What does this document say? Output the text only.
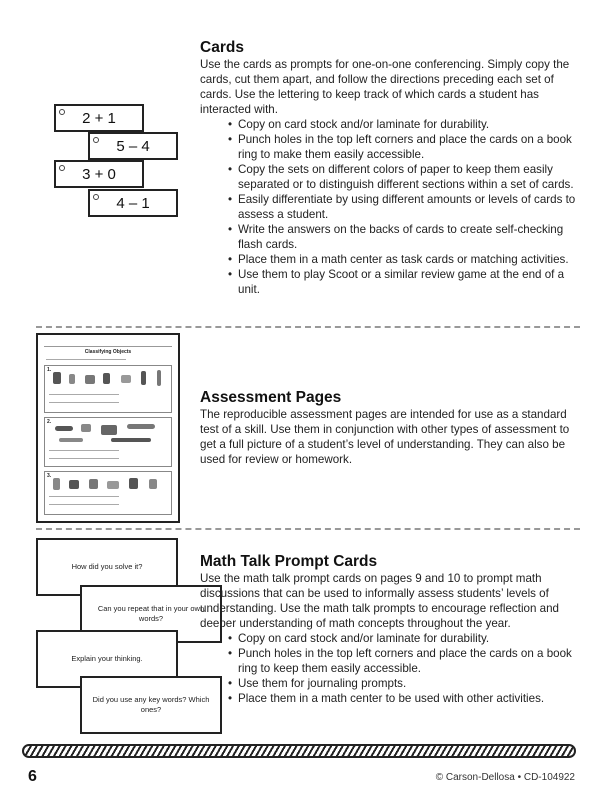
2 + 1
5 – 4
3 + 0
4 – 1
Cards

Use the cards as prompts for one-on-one conferencing. Simply copy the cards, cut them apart, and follow the directions preceding each set of cards. Use the lettering to keep track of which cards a student has interacted with.

• Copy on card stock and/or laminate for durability.
• Punch holes in the top left corners and place the cards on a book ring to make them easily accessible.
• Copy the sets on different colors of paper to keep them easily separated or to distinguish different sections within a set of cards.
• Easily differentiate by using different amounts or levels of cards to assess a student.
• Write the answers on the backs of cards to create self-checking flash cards.
• Place them in a math center as task cards or matching activities.
• Use them to play Scoot or a similar review game at the end of a unit.
Classifying Objects
1.
2.
3.
Assessment Pages

The reproducible assessment pages are intended for use as a standard test of a skill. Use them in conjunction with other types of assessment to get a full picture of a student’s level of understanding. They can also be used for review or homework.

How did you solve it?
Can you repeat that in your own words?
Explain your thinking.
Did you use any key words? Which ones?
Math Talk Prompt Cards

Use the math talk prompt cards on pages 9 and 10 to prompt math discussions that can be used to informally assess students’ levels of understanding. Use the math talk prompts to encourage reflection and deeper understanding of math concepts throughout the year.

• Copy on card stock and/or laminate for durability.
• Punch holes in the top left corners and place the cards on a book ring to keep them easily accessible.
• Use them for journaling prompts.
• Place them in a math center to be used with other activities.
6	© Carson-Dellosa • CD-104922
